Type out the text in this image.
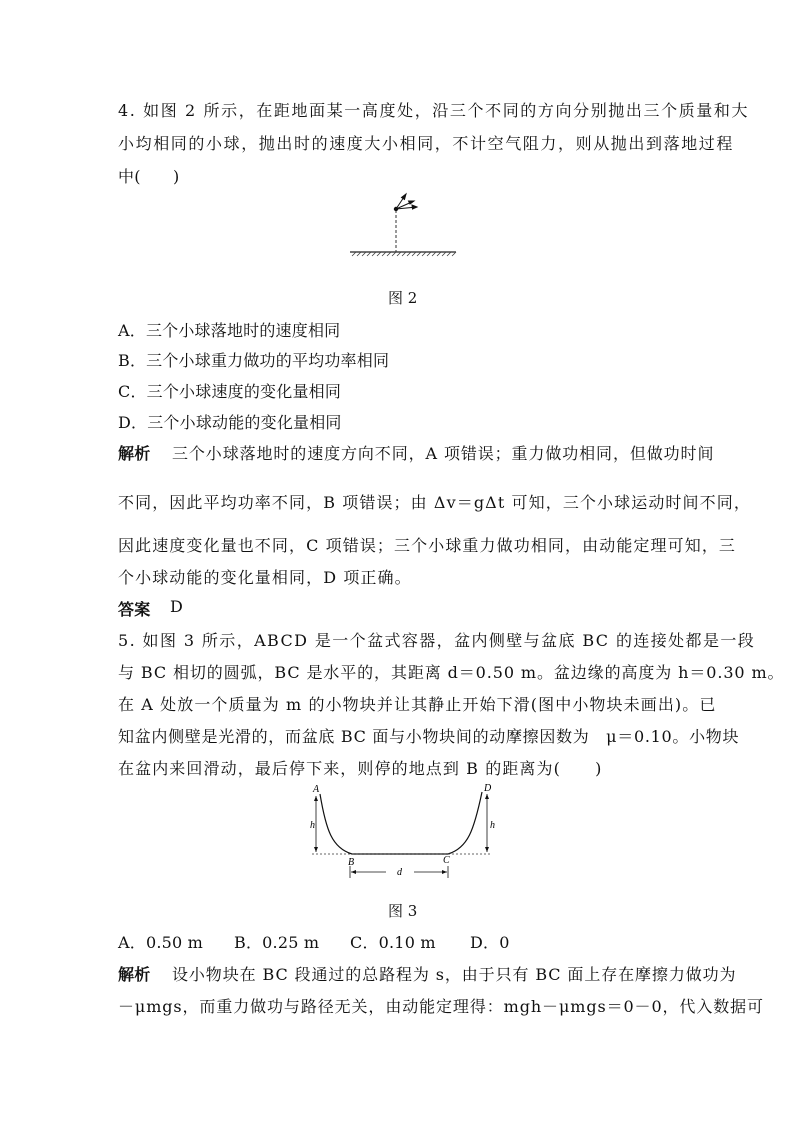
4. 如图 2 所示，在距地面某一高度处，沿三个不同的方向分别抛出三个质量和大
小均相同的小球，抛出时的速度大小相同，不计空气阻力，则从抛出到落地过程
中(　　)
图 2
A．三个小球落地时的速度相同
B．三个小球重力做功的平均功率相同
C．三个小球速度的变化量相同
D．三个小球动能的变化量相同
解析 三个小球落地时的速度方向不同，A 项错误；重力做功相同，但做功时间
不同，因此平均功率不同，B 项错误；由 Δv＝gΔt 可知，三个小球运动时间不同，
因此速度变化量也不同，C 项错误；三个小球重力做功相同，由动能定理可知，三
个小球动能的变化量相同，D 项正确。
答案 D
5. 如图 3 所示，ABCD 是一个盆式容器，盆内侧壁与盆底 BC 的连接处都是一段
与 BC 相切的圆弧，BC 是水平的，其距离 d＝0.50 m。盆边缘的高度为 h＝0.30 m。
在 A 处放一个质量为 m 的小物块并让其静止开始下滑(图中小物块未画出)。已
知盆内侧壁是光滑的，而盆底 BC 面与小物块间的动摩擦因数为　μ＝0.10。小物块
在盆内来回滑动，最后停下来，则停的地点到 B 的距离为(　　)
A	D
h	h
B	C
d
图 3
A．0.50 m B．0.25 m C．0.10 m D．0
解析 设小物块在 BC 段通过的总路程为 s，由于只有 BC 面上存在摩擦力做功为
－μmgs，而重力做功与路径无关，由动能定理得：mgh－μmgs＝0－0，代入数据可
